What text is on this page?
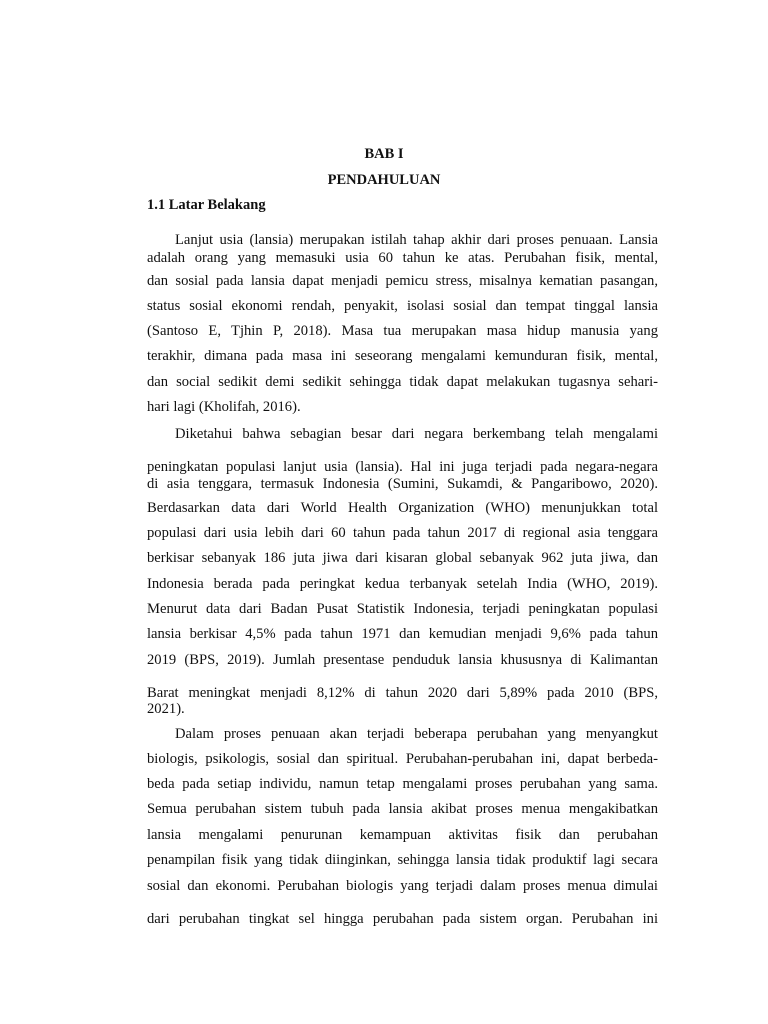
BAB I
PENDAHULUAN
1.1 Latar Belakang
Lanjut usia (lansia) merupakan istilah tahap akhir dari proses penuaan. Lansia
adalah orang yang memasuki usia 60 tahun ke atas. Perubahan fisik, mental,
dan sosial pada lansia dapat menjadi pemicu stress, misalnya kematian pasangan,
status sosial ekonomi rendah, penyakit, isolasi sosial dan tempat tinggal lansia
(Santoso E, Tjhin P, 2018). Masa tua merupakan masa hidup manusia yang
terakhir, dimana pada masa ini seseorang mengalami kemunduran fisik, mental,
dan social sedikit demi sedikit sehingga tidak dapat melakukan tugasnya sehari-
hari lagi (Kholifah, 2016).
Diketahui bahwa sebagian besar dari negara berkembang telah mengalami
peningkatan populasi lanjut usia (lansia). Hal ini juga terjadi pada negara-negara
di asia tenggara, termasuk Indonesia (Sumini, Sukamdi, & Pangaribowo, 2020).
Berdasarkan data dari World Health Organization (WHO) menunjukkan total
populasi dari usia lebih dari 60 tahun pada tahun 2017 di regional asia tenggara
berkisar sebanyak 186 juta jiwa dari kisaran global sebanyak 962 juta jiwa, dan
Indonesia berada pada peringkat kedua terbanyak setelah India (WHO, 2019).
Menurut data dari Badan Pusat Statistik Indonesia, terjadi peningkatan populasi
lansia berkisar 4,5% pada tahun 1971 dan kemudian menjadi 9,6% pada tahun
2019 (BPS, 2019). Jumlah presentase penduduk lansia khususnya di Kalimantan
Barat meningkat menjadi 8,12% di tahun 2020 dari 5,89% pada 2010 (BPS,
2021).
Dalam proses penuaan akan terjadi beberapa perubahan yang menyangkut
biologis, psikologis, sosial dan spiritual. Perubahan-perubahan ini, dapat berbeda-
beda pada setiap individu, namun tetap mengalami proses perubahan yang sama.
Semua perubahan sistem tubuh pada lansia akibat proses menua mengakibatkan
lansia mengalami penurunan kemampuan aktivitas fisik dan perubahan
penampilan fisik yang tidak diinginkan, sehingga lansia tidak produktif lagi secara
sosial dan ekonomi. Perubahan biologis yang terjadi dalam proses menua dimulai
dari perubahan tingkat sel hingga perubahan pada sistem organ. Perubahan ini
